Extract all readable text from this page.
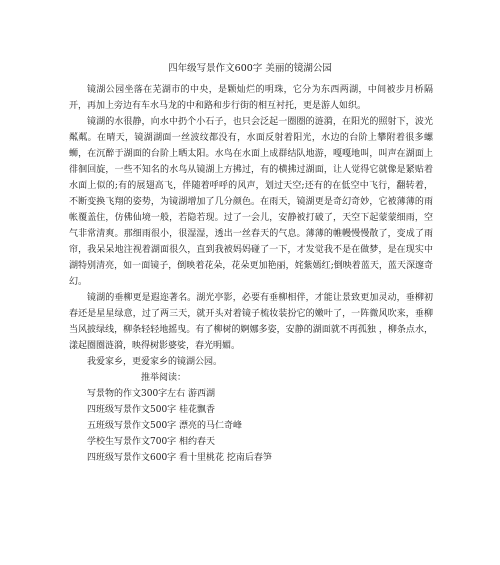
四年级写景作文600字 美丽的镜湖公园

镜湖公园坐落在芜湖市的中央，是颗灿烂的明珠，它分为东西两湖，中间被步月桥隔开，再加上旁边有车水马龙的中和路和步行街的相互衬托，更是游人如织。

镜湖的水很静，向水中扔个小石子，也只会泛起一圈圈的涟漪，在阳光的照射下，波光粼粼。在晴天，镜湖湖面一丝波纹都没有，水面反射着阳光，水边的台阶上攀附着很多螺蛳，在沉醉于湖面的台阶上晒太阳。水鸟在水面上成群结队地游，嘎嘎地叫，叫声在湖面上徘徊回旋，一些不知名的水鸟从镜湖上方拂过，有的横拂过湖面，让人觉得它就像是紧贴着水面上似的;有的展翅高飞，伴随着呼呼的风声，划过天空;还有的在低空中飞行，翻转着，不断变换飞翔的姿势，为镜湖增加了几分颜色。在雨天，镜湖更是奇幻奇妙，它被薄薄的雨帐覆盖住，仿佛仙境一般，若隐若现。过了一会儿，安静被打破了，天空下起蒙蒙细雨，空气非常清爽。那细雨很小，很湿湿，透出一丝春天的气息。薄薄的帷幔慢慢散了，变成了雨帘，我呆呆地注视着湖面很久，直到我被妈妈碰了一下，才发觉我不是在做梦，是在现实中湖特别清亮，如一面镜子，倒映着花朵，花朵更加艳丽，姹紫嫣红;倒映着蓝天，蓝天深邃奇幻。

镜湖的垂柳更是遐迩著名。湖光亭影，必要有垂柳相伴，才能让景致更加灵动，垂柳初春还是星星绿意，过了两三天，就开头对着镜子梳妆装扮它的嫩叶了，一阵微风吹来，垂柳当风披绿线，柳条轻轻地摇曳。有了柳树的婀娜多姿，安静的湖面就不再孤独 ，柳条点水，漾起圈圈涟漪，映得树影婆娑，春光明媚。

我爱家乡，更爱家乡的镜湖公园。

推举阅读：

写景物的作文300字左右 游西湖
四班级写景作文500字 桂花飘香
五班级写景作文500字 漂亮的马仁奇峰
学校生写景作文700字 相约春天
四班级写景作文600字 看十里桃花 挖南后春笋
